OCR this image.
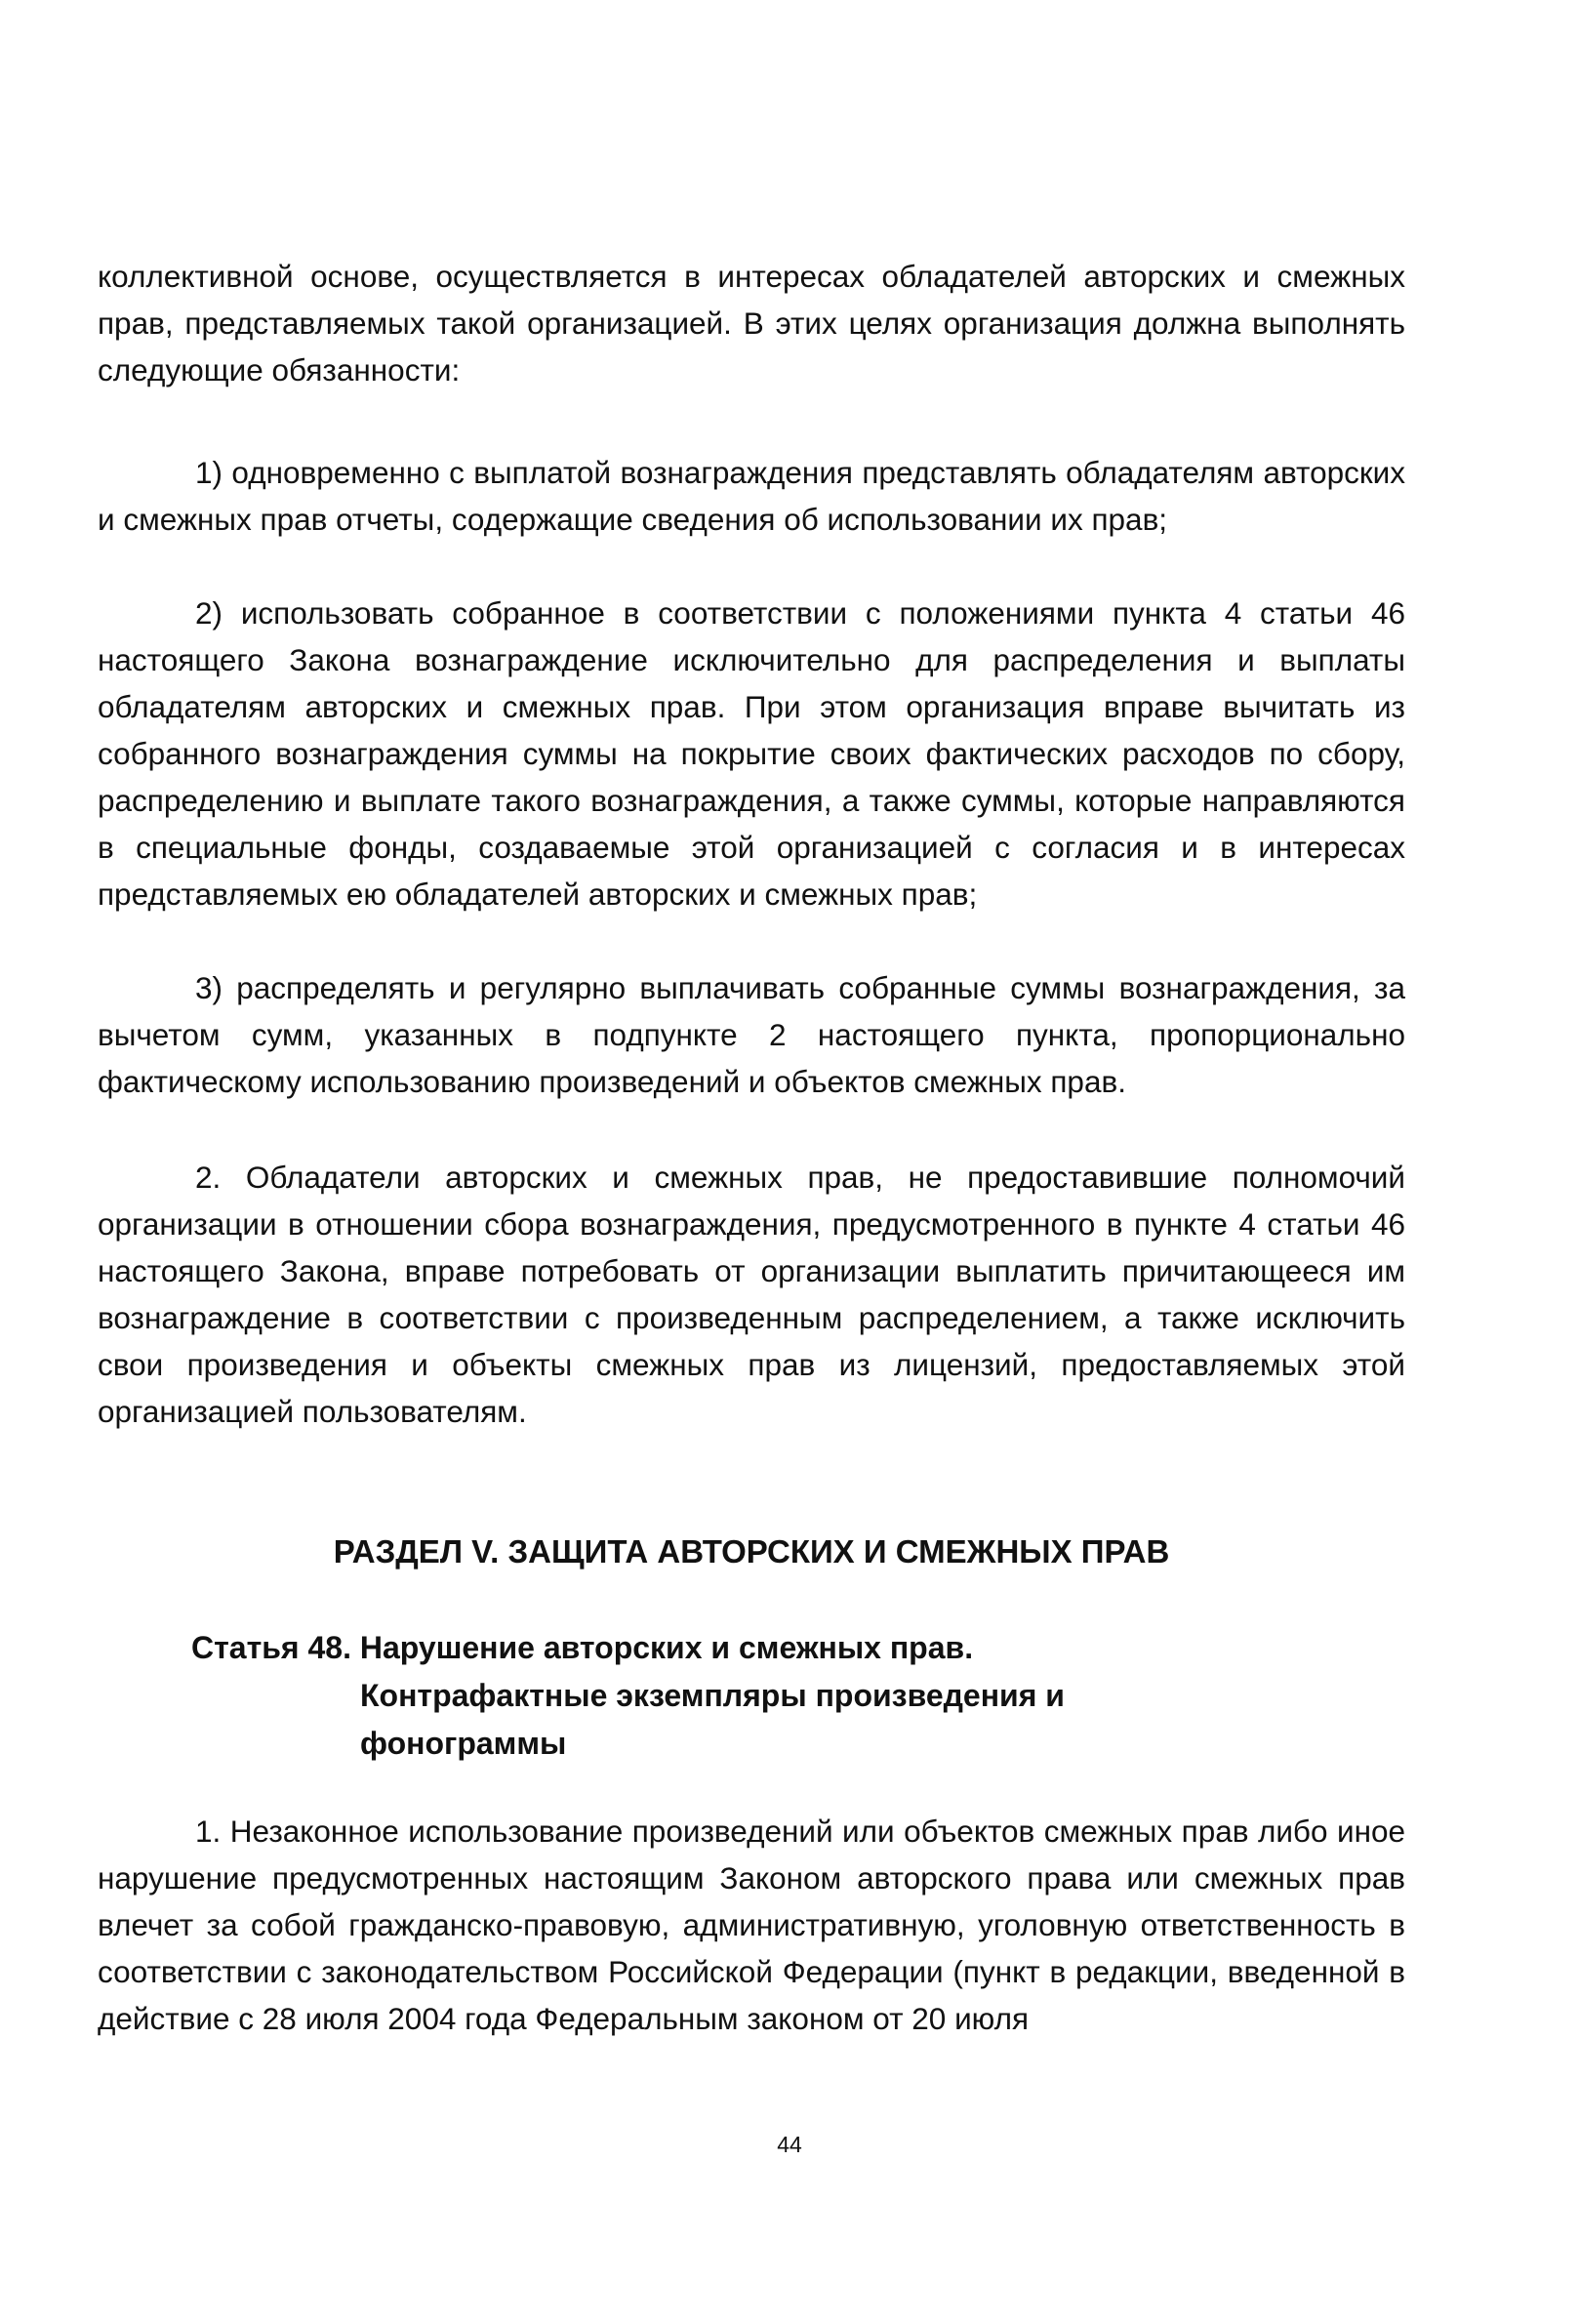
коллективной основе, осуществляется в интересах обладателей авторских и смежных прав, представляемых такой организацией. В этих целях организация должна выполнять следующие обязанности:

1) одновременно с выплатой вознаграждения представлять обладателям авторских и смежных прав отчеты, содержащие сведения об использовании их прав;

2) использовать собранное в соответствии с положениями пункта 4 статьи 46 настоящего Закона вознаграждение исключительно для распределения и выплаты обладателям авторских и смежных прав. При этом организация вправе вычитать из собранного вознаграждения суммы на покрытие своих фактических расходов по сбору, распределению и выплате такого вознаграждения, а также суммы, которые направляются в специальные фонды, создаваемые этой организацией с согласия и в интересах представляемых ею обладателей авторских и смежных прав;

3) распределять и регулярно выплачивать собранные суммы вознаграждения, за вычетом сумм, указанных в подпункте 2 настоящего пункта, пропорционально фактическому использованию произведений и объектов смежных прав.

2. Обладатели авторских и смежных прав, не предоставившие полномочий организации в отношении сбора вознаграждения, предусмотренного в пункте 4 статьи 46 настоящего Закона, вправе потребовать от организации выплатить причитающееся им вознаграждение в соответствии с произведенным распределением, а также исключить свои произведения и объекты смежных прав из лицензий, предоставляемых этой организацией пользователям.

РАЗДЕЛ V. ЗАЩИТА АВТОРСКИХ И СМЕЖНЫХ ПРАВ
Статья 48. Нарушение авторских и смежных прав.
Контрафактные экземпляры произведения и
фонограммы

1. Незаконное использование произведений или объектов смежных прав либо иное нарушение предусмотренных настоящим Законом авторского права или смежных прав влечет за собой гражданско-правовую, административную, уголовную ответственность в соответствии с законодательством Российской Федерации (пункт в редакции, введенной в действие с 28 июля 2004 года Федеральным законом от 20 июля

44
